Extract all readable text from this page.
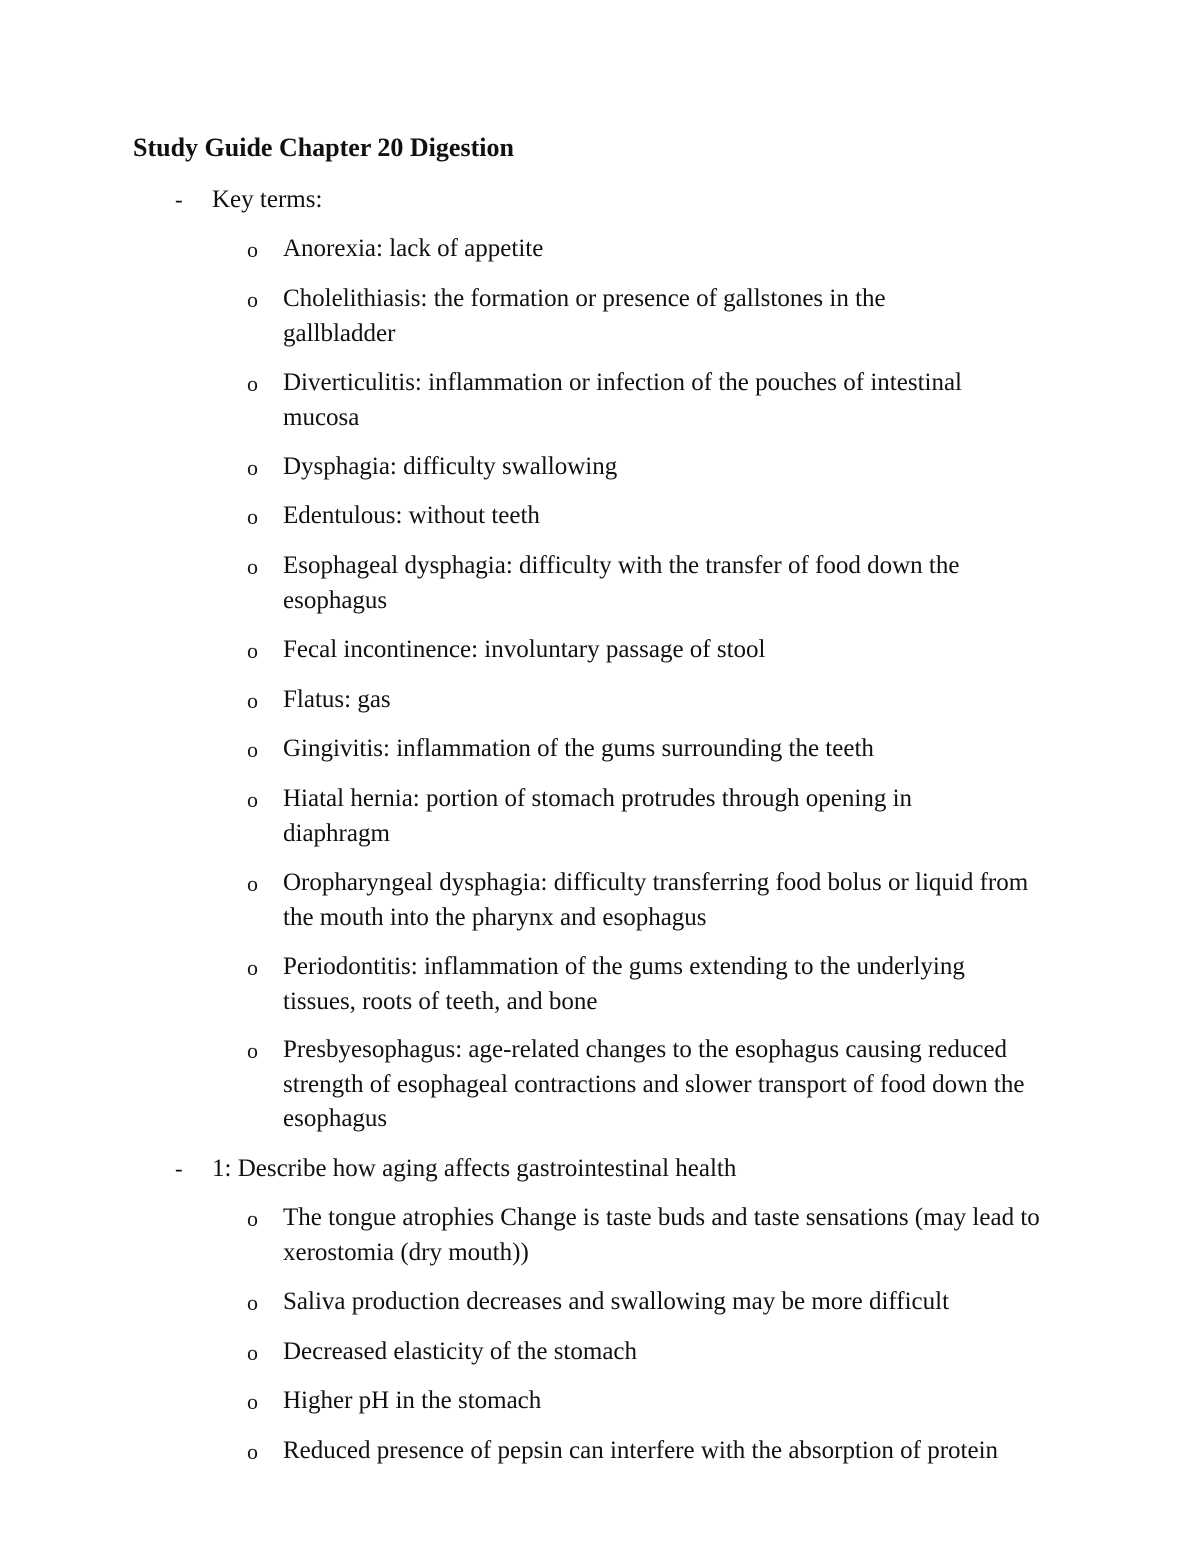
Study Guide Chapter 20 Digestion
- Key terms:
o Anorexia: lack of appetite
o Cholelithiasis: the formation or presence of gallstones in the gallbladder
o Diverticulitis: inflammation or infection of the pouches of intestinal mucosa
o Dysphagia: difficulty swallowing
o Edentulous: without teeth
o Esophageal dysphagia: difficulty with the transfer of food down the esophagus
o Fecal incontinence: involuntary passage of stool
o Flatus: gas
o Gingivitis: inflammation of the gums surrounding the teeth
o Hiatal hernia: portion of stomach protrudes through opening in diaphragm
o Oropharyngeal dysphagia: difficulty transferring food bolus or liquid from the mouth into the pharynx and esophagus
o Periodontitis: inflammation of the gums extending to the underlying tissues, roots of teeth, and bone
o Presbyesophagus: age-related changes to the esophagus causing reduced strength of esophageal contractions and slower transport of food down the esophagus
- 1: Describe how aging affects gastrointestinal health
o The tongue atrophies Change is taste buds and taste sensations (may lead to xerostomia (dry mouth))
o Saliva production decreases and swallowing may be more difficult
o Decreased elasticity of the stomach
o Higher pH in the stomach
o Reduced presence of pepsin can interfere with the absorption of protein
